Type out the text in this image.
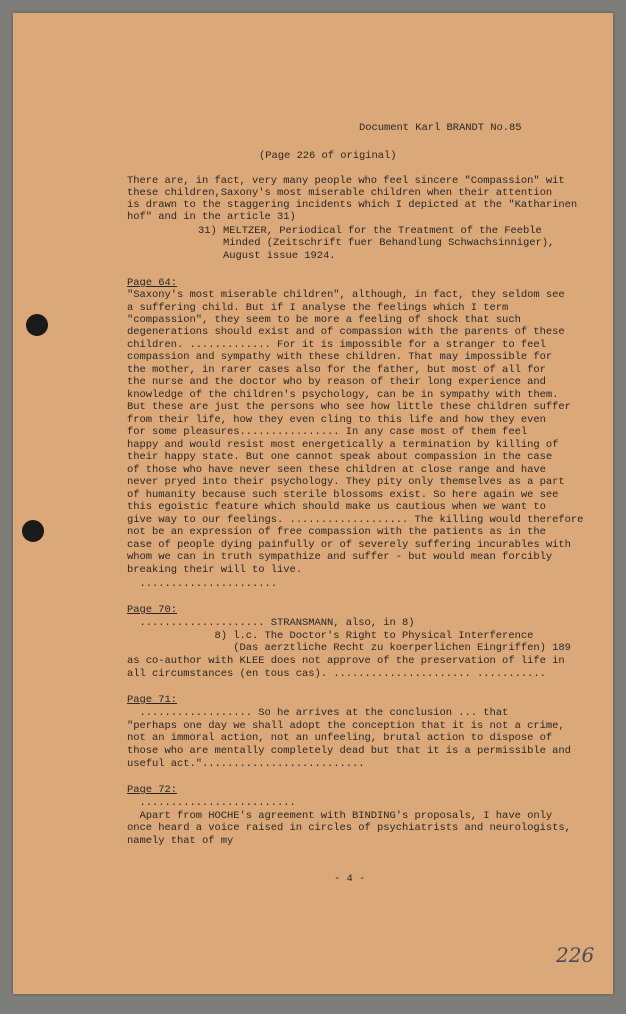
Document Karl BRANDT No.85

(Page 226 of original)

There are, in fact, very many people who feel sincere "Compassion" wit

these children,Saxony's most miserable children when their attention

is drawn to the staggering incidents which I depicted at the "Katharinen

hof" and in the article 31)

31) MELTZER, Periodical for the Treatment of the Feeble

Minded (Zeitschrift fuer Behandlung Schwachsinniger),

August issue 1924.

Page 64:

"Saxony's most miserable children", although, in fact, they seldom see

a suffering child. But if I analyse the feelings which I term

"compassion", they seem to be more a feeling of shock that such

degenerations should exist and of compassion with the parents of these

children. ............. For it is impossible for a stranger to feel

compassion and sympathy with these children. That may impossible for

the mother, in rarer cases also for the father, but most of all for

the nurse and the doctor who by reason of their long experience and

knowledge of the children's psychology, can be in sympathy with them.

But these are just the persons who see how little these children suffer

from their life, how they even cling to this life and how they even

for some pleasures................ In any case most of them feel

happy and would resist most energetically a termination by killing of

their happy state. But one cannot speak about compassion in the case

of those who have never seen these children at close range and have

never pryed into their psychology. They pity only themselves as a part

of humanity because such sterile blossoms exist. So here again we see

this egoistic feature which should make us cautious when we want to

give way to our feelings. ................... The killing would therefore

not be an expression of free compassion with the patients as in the

case of people dying painfully or of severely suffering incurables with

whom we can in truth sympathize and suffer - but would mean forcibly

breaking their will to live.

......................

Page 70:

.................... STRANSMANN, also, in 8)

8) l.c. The Doctor's Right to Physical Interference

(Das aerztliche Recht zu koerperlichen Eingriffen) 189

as co-author with KLEE does not approve of the preservation of life in

all circumstances (en tous cas). ...................... ...........

Page 71:

.................. So he arrives at the conclusion ... that

"perhaps one day we shall adopt the conception that it is not a crime,

not an immoral action, not an unfeeling, brutal action to dispose of

those who are mentally completely dead but that it is a permissible and

useful act."..........................

Page 72:

.........................

Apart from HOCHE's agreement with BINDING's proposals, I have only

once heard a voice raised in circles of psychiatrists and neurologists,

namely that of my

- 4 -

226
